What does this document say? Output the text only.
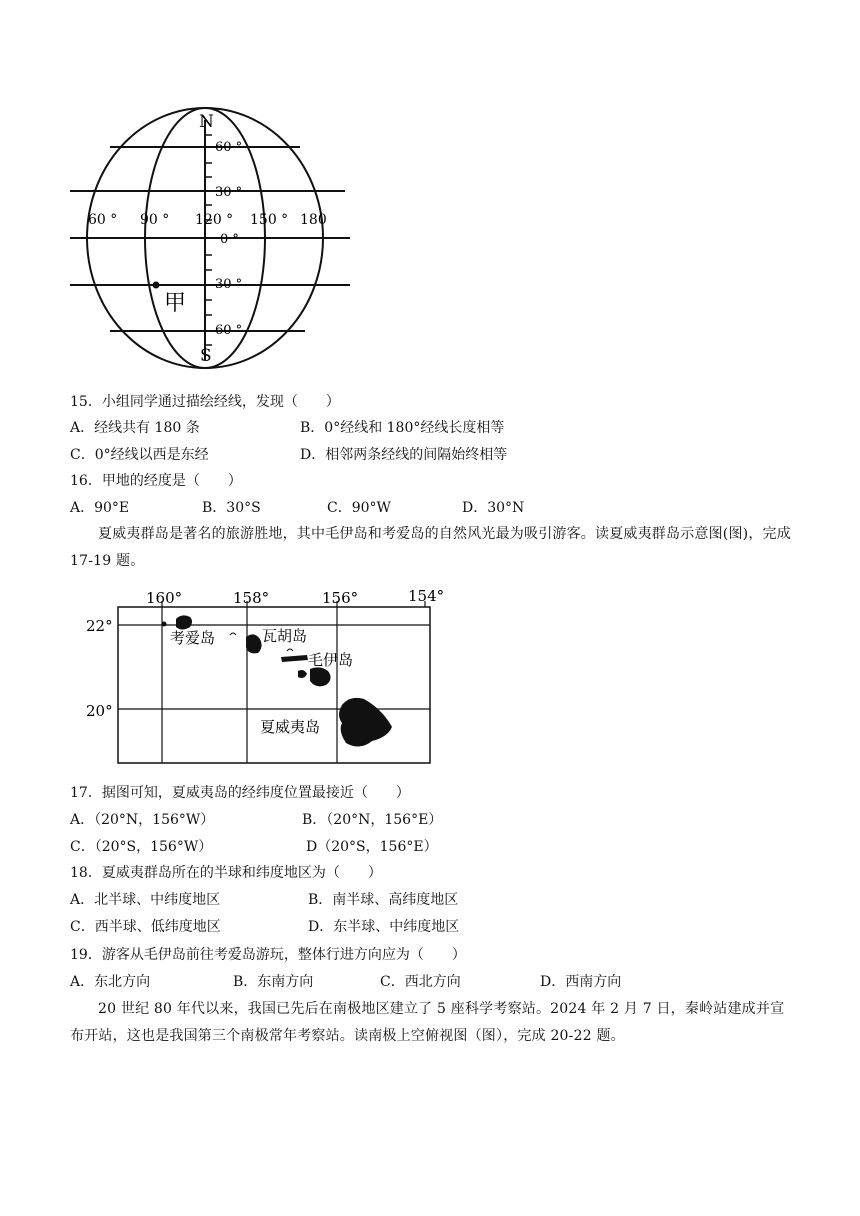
N
S
60 °
30 °
0 °
30 °
60 °
60 ° 90 ° 120 ° 150 ° 180
甲
15．小组同学通过描绘经线，发现（　　）
A．经线共有 180 条	B．0°经线和 180°经线长度相等
C．0°经线以西是东经	D．相邻两条经线的间隔始终相等
16．甲地的经度是（　　）
A．90°E	B．30°S	C．90°W	D．30°N
夏威夷群岛是著名的旅游胜地，其中毛伊岛和考爱岛的自然风光最为吸引游客。读夏威夷群岛示意图(图)，完成 17-19 题。
160°	158°	156°	154°
22°
20°
考爱岛	瓦胡岛
毛伊岛
夏威夷岛
17．据图可知，夏威夷岛的经纬度位置最接近（　　）
A．（20°N，156°W）	B．（20°N，156°E）
C．（20°S，156°W）	D（20°S，156°E）
18．夏威夷群岛所在的半球和纬度地区为（　　）
A．北半球、中纬度地区	B．南半球、高纬度地区
C．西半球、低纬度地区	D．东半球、中纬度地区
19．游客从毛伊岛前往考爱岛游玩，整体行进方向应为（　　）
A．东北方向	B．东南方向	C．西北方向	D．西南方向
20 世纪 80 年代以来，我国已先后在南极地区建立了 5 座科学考察站。2024 年 2 月 7 日，秦岭站建成并宣布开站，这也是我国第三个南极常年考察站。读南极上空俯视图（图），完成 20-22 题。
